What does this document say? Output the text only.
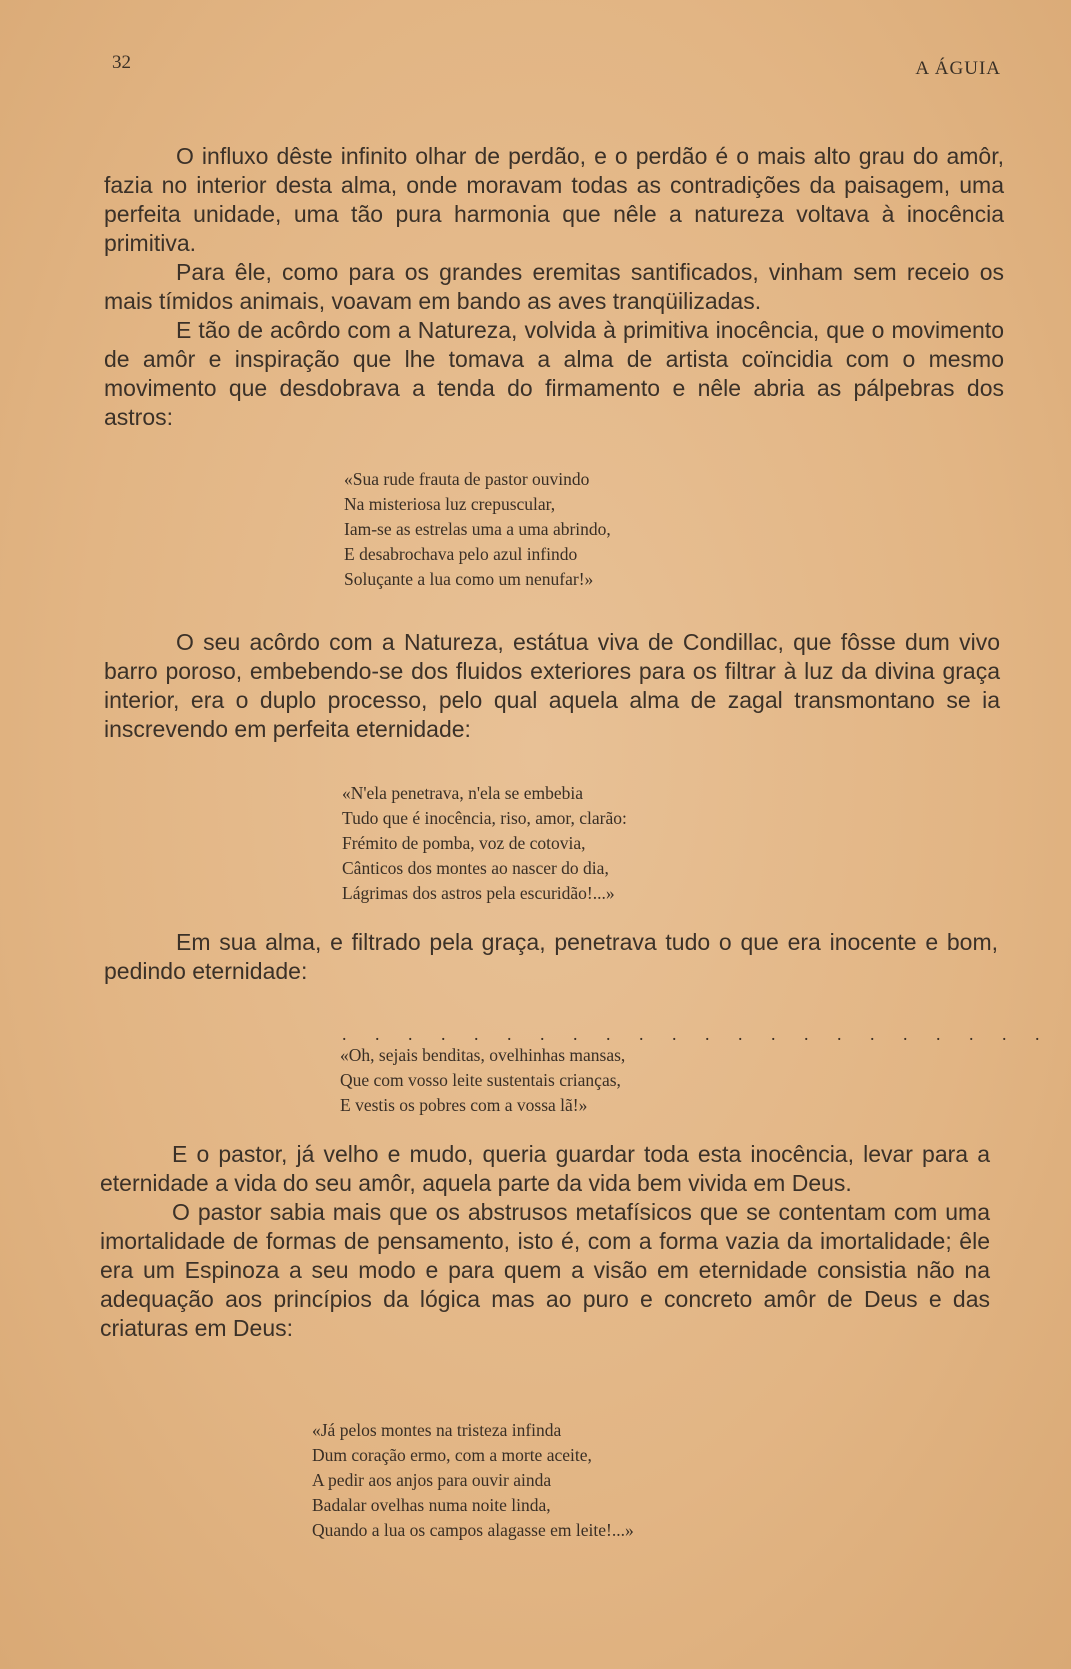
32	A ÁGUIA

O influxo dêste infinito olhar de perdão, e o perdão é o mais alto grau do amôr, fazia no interior desta alma, onde moravam todas as contradições da paisagem, uma perfeita unidade, uma tão pura harmonia que nêle a natureza voltava à inocência primitiva.

Para êle, como para os grandes eremitas santificados, vinham sem receio os mais tímidos animais, voavam em bando as aves tranqüilizadas.

E tão de acôrdo com a Natureza, volvida à primitiva inocência, que o movimento de amôr e inspiração que lhe tomava a alma de artista coïncidia com o mesmo movimento que desdobrava a tenda do firmamento e nêle abria as pálpebras dos astros:

«Sua rude frauta de pastor ouvindo
Na misteriosa luz crepuscular,
Iam-se as estrelas uma a uma abrindo,
E desabrochava pelo azul infindo
Soluçante a lua como um nenufar!»

O seu acôrdo com a Natureza, estátua viva de Condillac, que fôsse dum vivo barro poroso, embebendo-se dos fluidos exteriores para os filtrar à luz da divina graça interior, era o duplo processo, pelo qual aquela alma de zagal transmontano se ia inscrevendo em perfeita eternidade:

«N'ela penetrava, n'ela se embebia
Tudo que é inocência, riso, amor, clarão:
Frémito de pomba, voz de cotovia,
Cânticos dos montes ao nascer do dia,
Lágrimas dos astros pela escuridão!...»

Em sua alma, e filtrado pela graça, penetrava tudo o que era inocente e bom, pedindo eternidade:

. . . . . . . . . . . . . . . . . . . . . .
«Oh, sejais benditas, ovelhinhas mansas,
Que com vosso leite sustentais crianças,
E vestis os pobres com a vossa lã!»

E o pastor, já velho e mudo, queria guardar toda esta inocência, levar para a eternidade a vida do seu amôr, aquela parte da vida bem vivida em Deus.

O pastor sabia mais que os abstrusos metafísicos que se contentam com uma imortalidade de formas de pensamento, isto é, com a forma vazia da imortalidade; êle era um Espinoza a seu modo e para quem a visão em eternidade consistia não na adequação aos princípios da lógica mas ao puro e concreto amôr de Deus e das criaturas em Deus:

«Já pelos montes na tristeza infinda
Dum coração ermo, com a morte aceite,
A pedir aos anjos para ouvir ainda
Badalar ovelhas numa noite linda,
Quando a lua os campos alagasse em leite!...»
